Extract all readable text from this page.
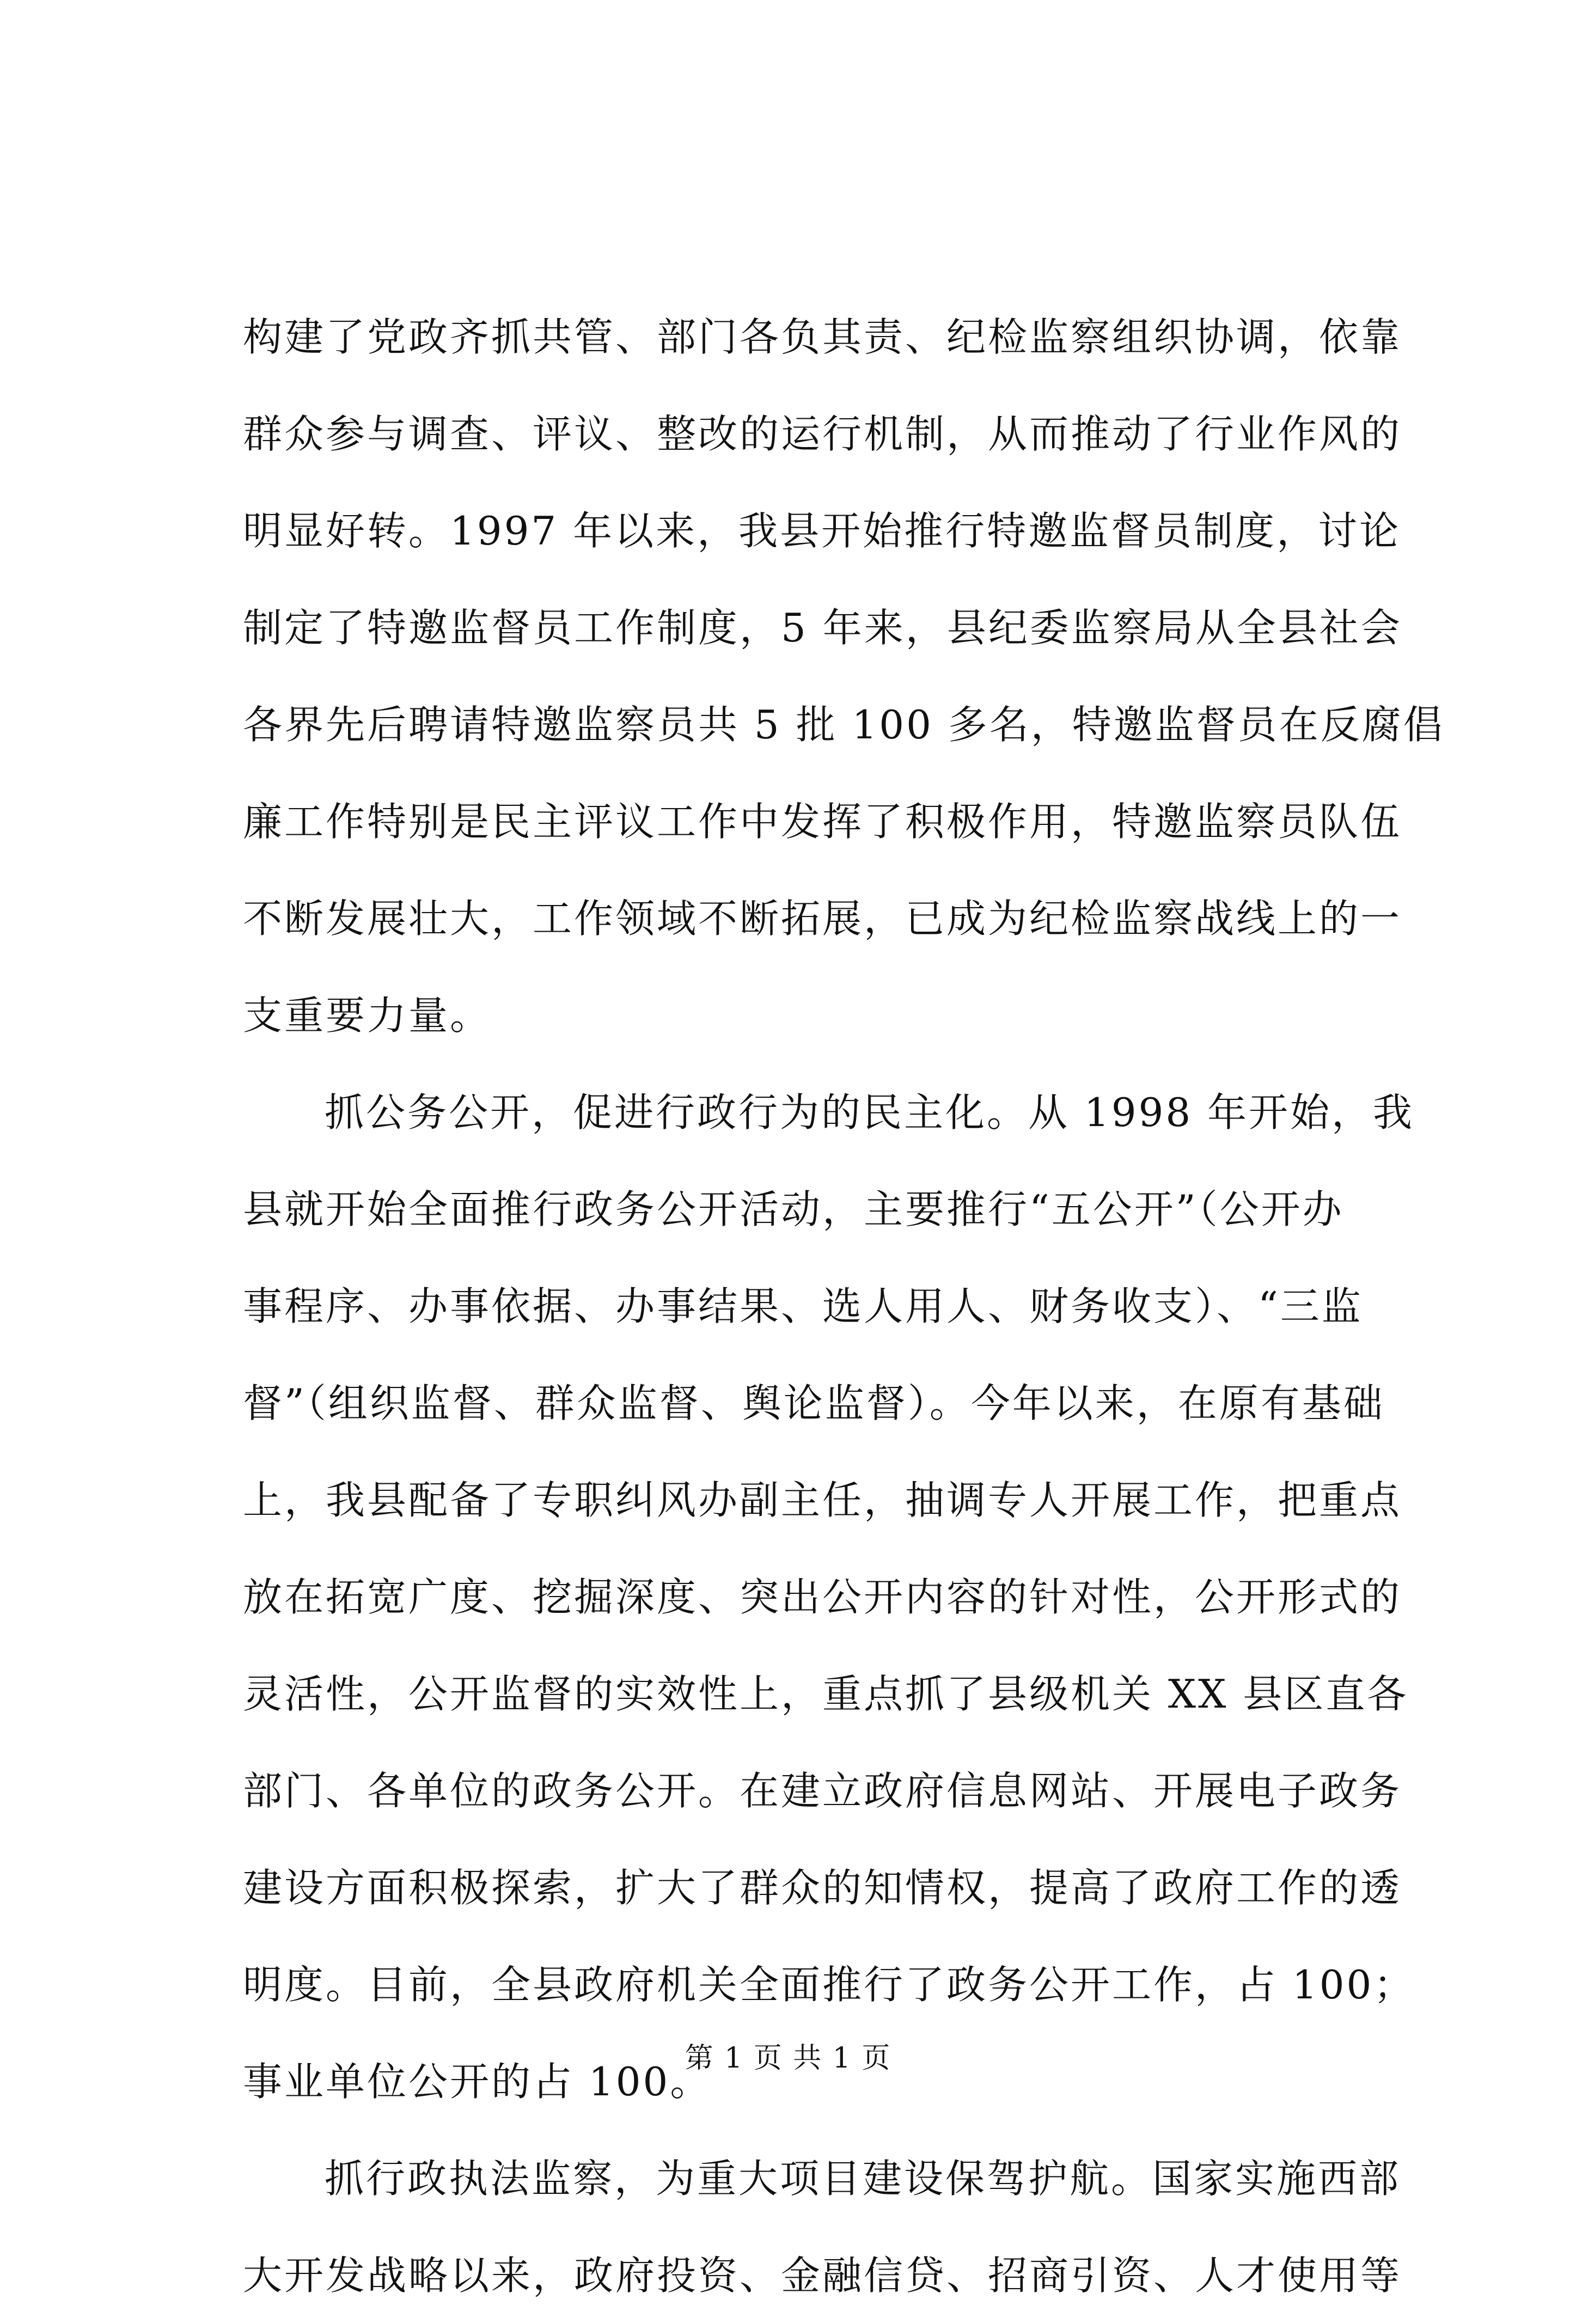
构建了党政齐抓共管、部门各负其责、纪检监察组织协调，依靠
群众参与调查、评议、整改的运行机制，从而推动了行业作风的
明显好转。1997 年以来，我县开始推行特邀监督员制度，讨论
制定了特邀监督员工作制度，5 年来，县纪委监察局从全县社会
各界先后聘请特邀监察员共 5 批 100 多名，特邀监督员在反腐倡
廉工作特别是民主评议工作中发挥了积极作用，特邀监察员队伍
不断发展壮大，工作领域不断拓展，已成为纪检监察战线上的一
支重要力量。
抓公务公开，促进行政行为的民主化。从 1998 年开始，我
县就开始全面推行政务公开活动，主要推行“五公开”（公开办
事程序、办事依据、办事结果、选人用人、财务收支）、“三监
督”（组织监督、群众监督、舆论监督）。今年以来，在原有基础
上，我县配备了专职纠风办副主任，抽调专人开展工作，把重点
放在拓宽广度、挖掘深度、突出公开内容的针对性，公开形式的
灵活性，公开监督的实效性上，重点抓了县级机关 XX 县区直各
部门、各单位的政务公开。在建立政府信息网站、开展电子政务
建设方面积极探索，扩大了群众的知情权，提高了政府工作的透
明度。目前，全县政府机关全面推行了政务公开工作，占 100；
事业单位公开的占 100。
抓行政执法监察，为重大项目建设保驾护航。国家实施西部
大开发战略以来，政府投资、金融信贷、招商引资、人才使用等
第 1 页 共 1 页
